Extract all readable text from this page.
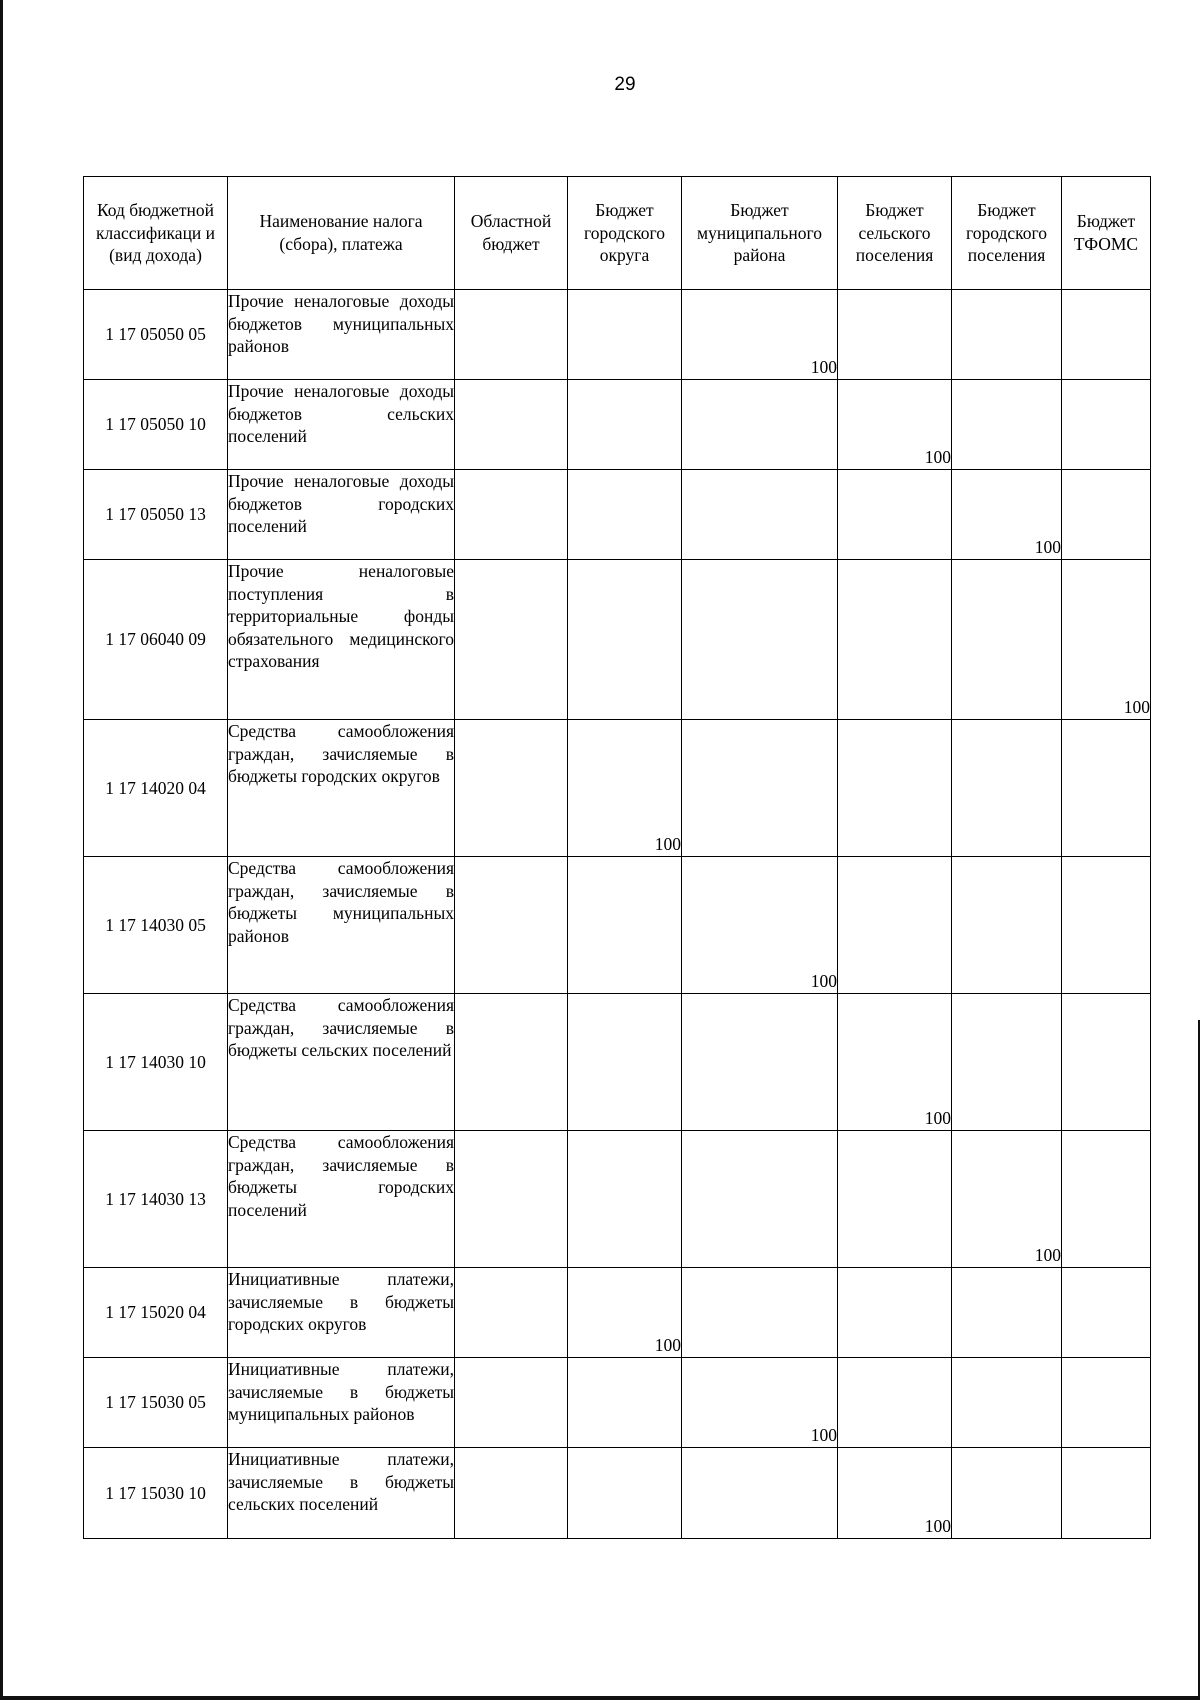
29
Код бюджетной классификаци и (вид дохода)	Наименование налога (сбора), платежа	Областной бюджет	Бюджет городского округа	Бюджет муниципального района	Бюджет сельского поселения	Бюджет городского поселения	Бюджет ТФОМС
1 17 05050 05	Прочие неналоговые доходы бюджетов муниципальных районов			100			
1 17 05050 10	Прочие неналоговые доходы бюджетов сельских поселений				100		
1 17 05050 13	Прочие неналоговые доходы бюджетов городских поселений					100	
1 17 06040 09	Прочие неналоговые поступления в территориальные фонды обязательного медицинского страхования						100
1 17 14020 04	Средства самообложения граждан, зачисляемые в бюджеты городских округов		100				
1 17 14030 05	Средства самообложения граждан, зачисляемые в бюджеты муниципальных районов			100			
1 17 14030 10	Средства самообложения граждан, зачисляемые в бюджеты сельских поселений				100		
1 17 14030 13	Средства самообложения граждан, зачисляемые в бюджеты городских поселений					100	
1 17 15020 04	Инициативные платежи, зачисляемые в бюджеты городских округов		100				
1 17 15030 05	Инициативные платежи, зачисляемые в бюджеты муниципальных районов			100			
1 17 15030 10	Инициативные платежи, зачисляемые в бюджеты сельских поселений				100		
